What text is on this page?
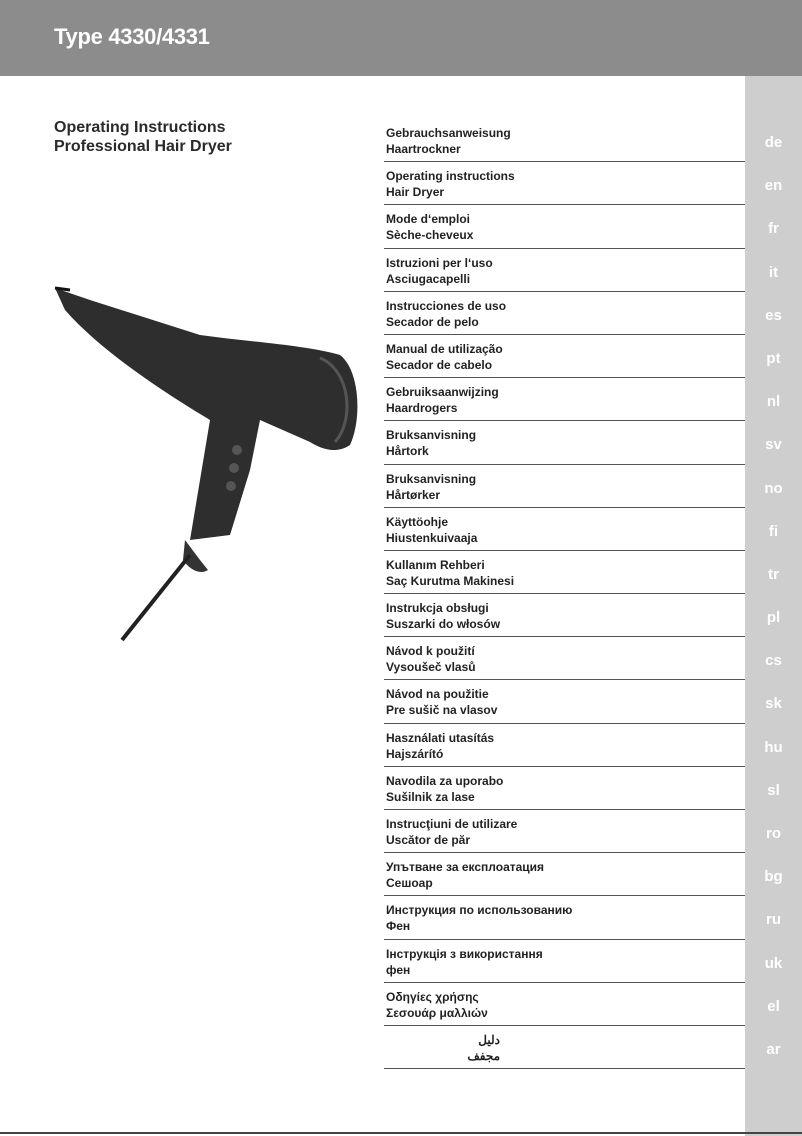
Type 4330/4331
Operating Instructions
Professional Hair Dryer
Gebrauchsanweisung
Haartrockner
Operating instructions
Hair Dryer
Mode d‘emploi
Sèche-cheveux
Istruzioni per l‘uso
Asciugacapelli
Instrucciones de uso
Secador de pelo
Manual de utilização
Secador de cabelo
Gebruiksaanwijzing
Haardrogers
Bruksanvisning
Hårtork
Bruksanvisning
Hårtørker
Käyttöohje
Hiustenkuivaaja
Kullanım Rehberi
Saç Kurutma Makinesi
Instrukcja obsługi
Suszarki do włosów
Návod k použití
Vysoušeč vlasů
Návod na použitie
Pre sušič na vlasov
Használati utasítás
Hajszárító
Navodila za uporabo
Sušilnik za lase
Instrucţiuni de utilizare
Uscător de păr
Упътване за експлоатация
Сешоар
Инструкция по использованию
Фен
Інструкція з використання
фен
Οδηγίες χρήσης
Σεσουάρ μαλλιών
دليل
مجفف
de
en
fr
it
es
pt
nl
sv
no
fi
tr
pl
cs
sk
hu
sl
ro
bg
ru
uk
el
ar
